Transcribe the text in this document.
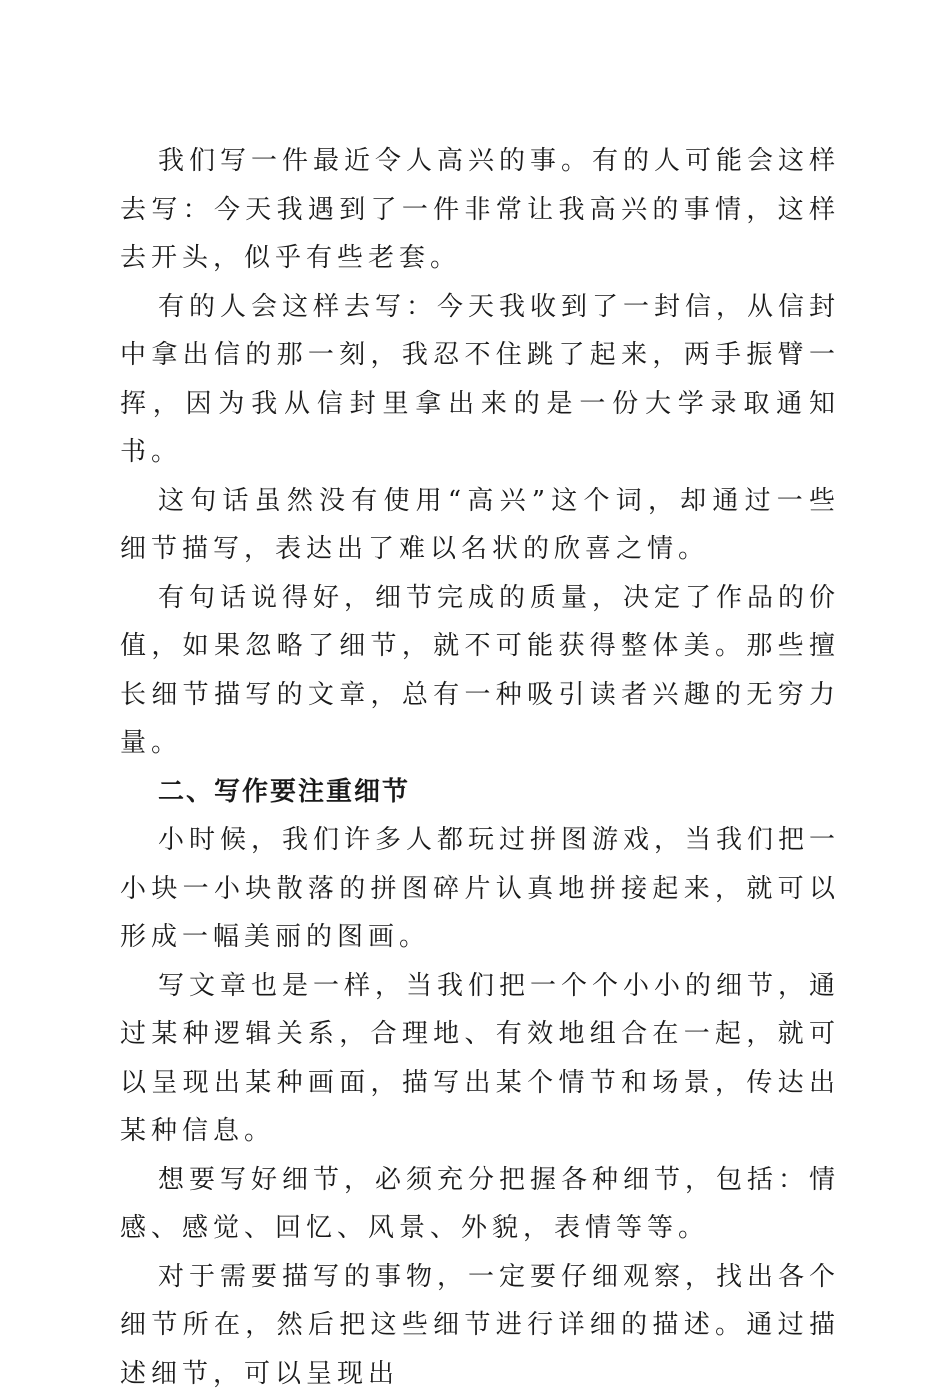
我们写一件最近令人高兴的事。有的人可能会这样去写：今天我遇到了一件非常让我高兴的事情，这样去开头，似乎有些老套。

有的人会这样去写：今天我收到了一封信，从信封中拿出信的那一刻，我忍不住跳了起来，两手振臂一挥，因为我从信封里拿出来的是一份大学录取通知书。

这句话虽然没有使用“高兴”这个词，却通过一些细节描写，表达出了难以名状的欣喜之情。

有句话说得好，细节完成的质量，决定了作品的价值，如果忽略了细节，就不可能获得整体美。那些擅长细节描写的文章，总有一种吸引读者兴趣的无穷力量。

二、写作要注重细节

小时候，我们许多人都玩过拼图游戏，当我们把一小块一小块散落的拼图碎片认真地拼接起来，就可以形成一幅美丽的图画。

写文章也是一样，当我们把一个个小小的细节，通过某种逻辑关系，合理地、有效地组合在一起，就可以呈现出某种画面，描写出某个情节和场景，传达出某种信息。

想要写好细节，必须充分把握各种细节，包括：情感、感觉、回忆、风景、外貌，表情等等。

对于需要描写的事物，一定要仔细观察，找出各个细节所在，然后把这些细节进行详细的描述。通过描述细节，可以呈现出
